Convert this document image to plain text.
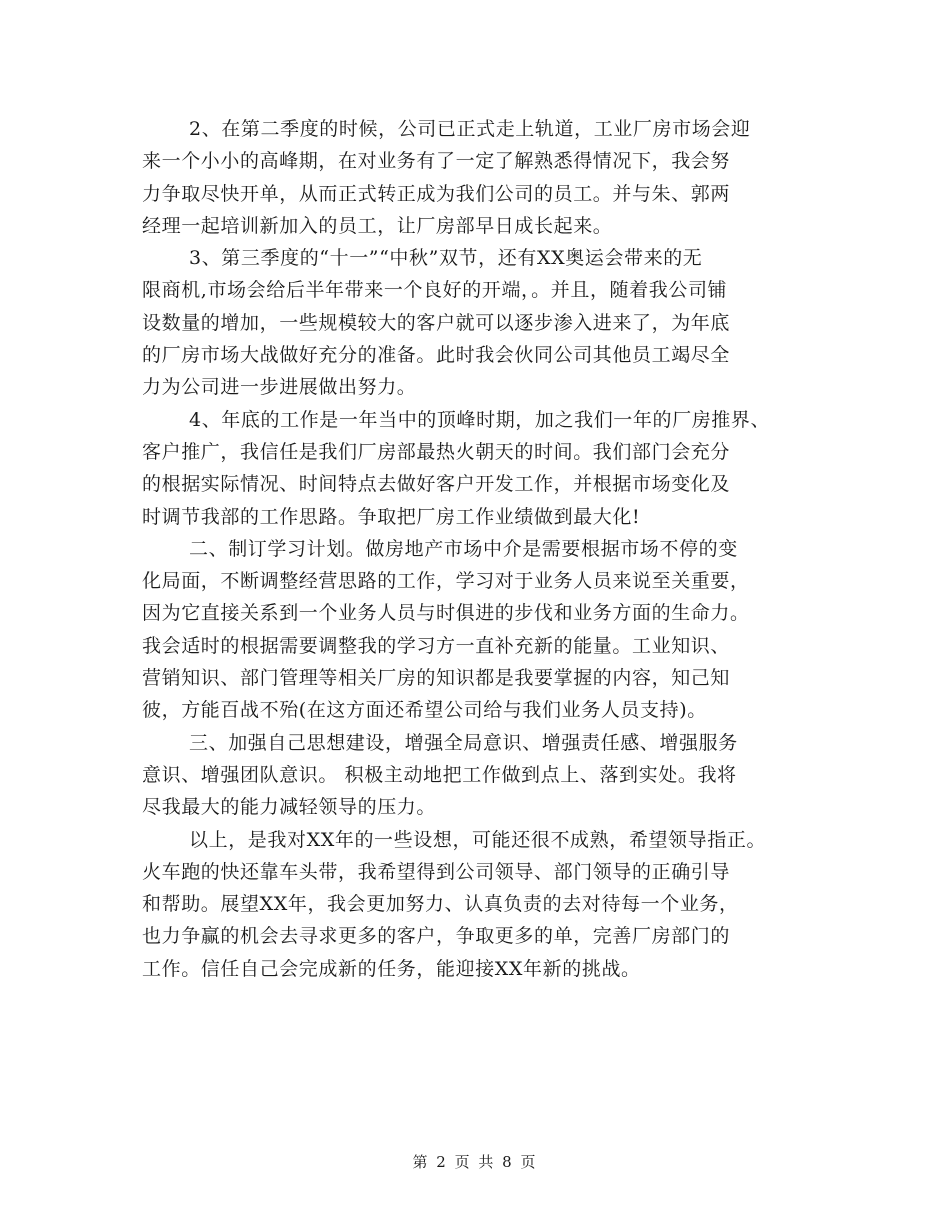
2、在第二季度的时候，公司已正式走上轨道，工业厂房市场会迎
来一个小小的高峰期，在对业务有了一定了解熟悉得情况下，我会努
力争取尽快开单，从而正式转正成为我们公司的员工。并与朱、郭两
经理一起培训新加入的员工，让厂房部早日成长起来。

3、第三季度的“十一”“中秋”双节，还有XX奥运会带来的无
限商机,市场会给后半年带来一个良好的开端，。并且，随着我公司铺
设数量的增加，一些规模较大的客户就可以逐步渗入进来了，为年底
的厂房市场大战做好充分的准备。此时我会伙同公司其他员工竭尽全
力为公司进一步进展做出努力。

4、年底的工作是一年当中的顶峰时期，加之我们一年的厂房推界、
客户推广，我信任是我们厂房部最热火朝天的时间。我们部门会充分
的根据实际情况、时间特点去做好客户开发工作，并根据市场变化及
时调节我部的工作思路。争取把厂房工作业绩做到最大化!

二、制订学习计划。做房地产市场中介是需要根据市场不停的变
化局面，不断调整经营思路的工作，学习对于业务人员来说至关重要，
因为它直接关系到一个业务人员与时俱进的步伐和业务方面的生命力。
我会适时的根据需要调整我的学习方一直补充新的能量。工业知识、
营销知识、部门管理等相关厂房的知识都是我要掌握的内容，知己知
彼，方能百战不殆(在这方面还希望公司给与我们业务人员支持)。

三、加强自己思想建设，增强全局意识、增强责任感、增强服务
意识、增强团队意识。 积极主动地把工作做到点上、落到实处。我将
尽我最大的能力减轻领导的压力。

以上，是我对XX年的一些设想，可能还很不成熟，希望领导指正。
火车跑的快还靠车头带，我希望得到公司领导、部门领导的正确引导
和帮助。展望XX年，我会更加努力、认真负责的去对待每一个业务，
也力争赢的机会去寻求更多的客户，争取更多的单，完善厂房部门的
工作。信任自己会完成新的任务，能迎接XX年新的挑战。

第 2 页 共 8 页
